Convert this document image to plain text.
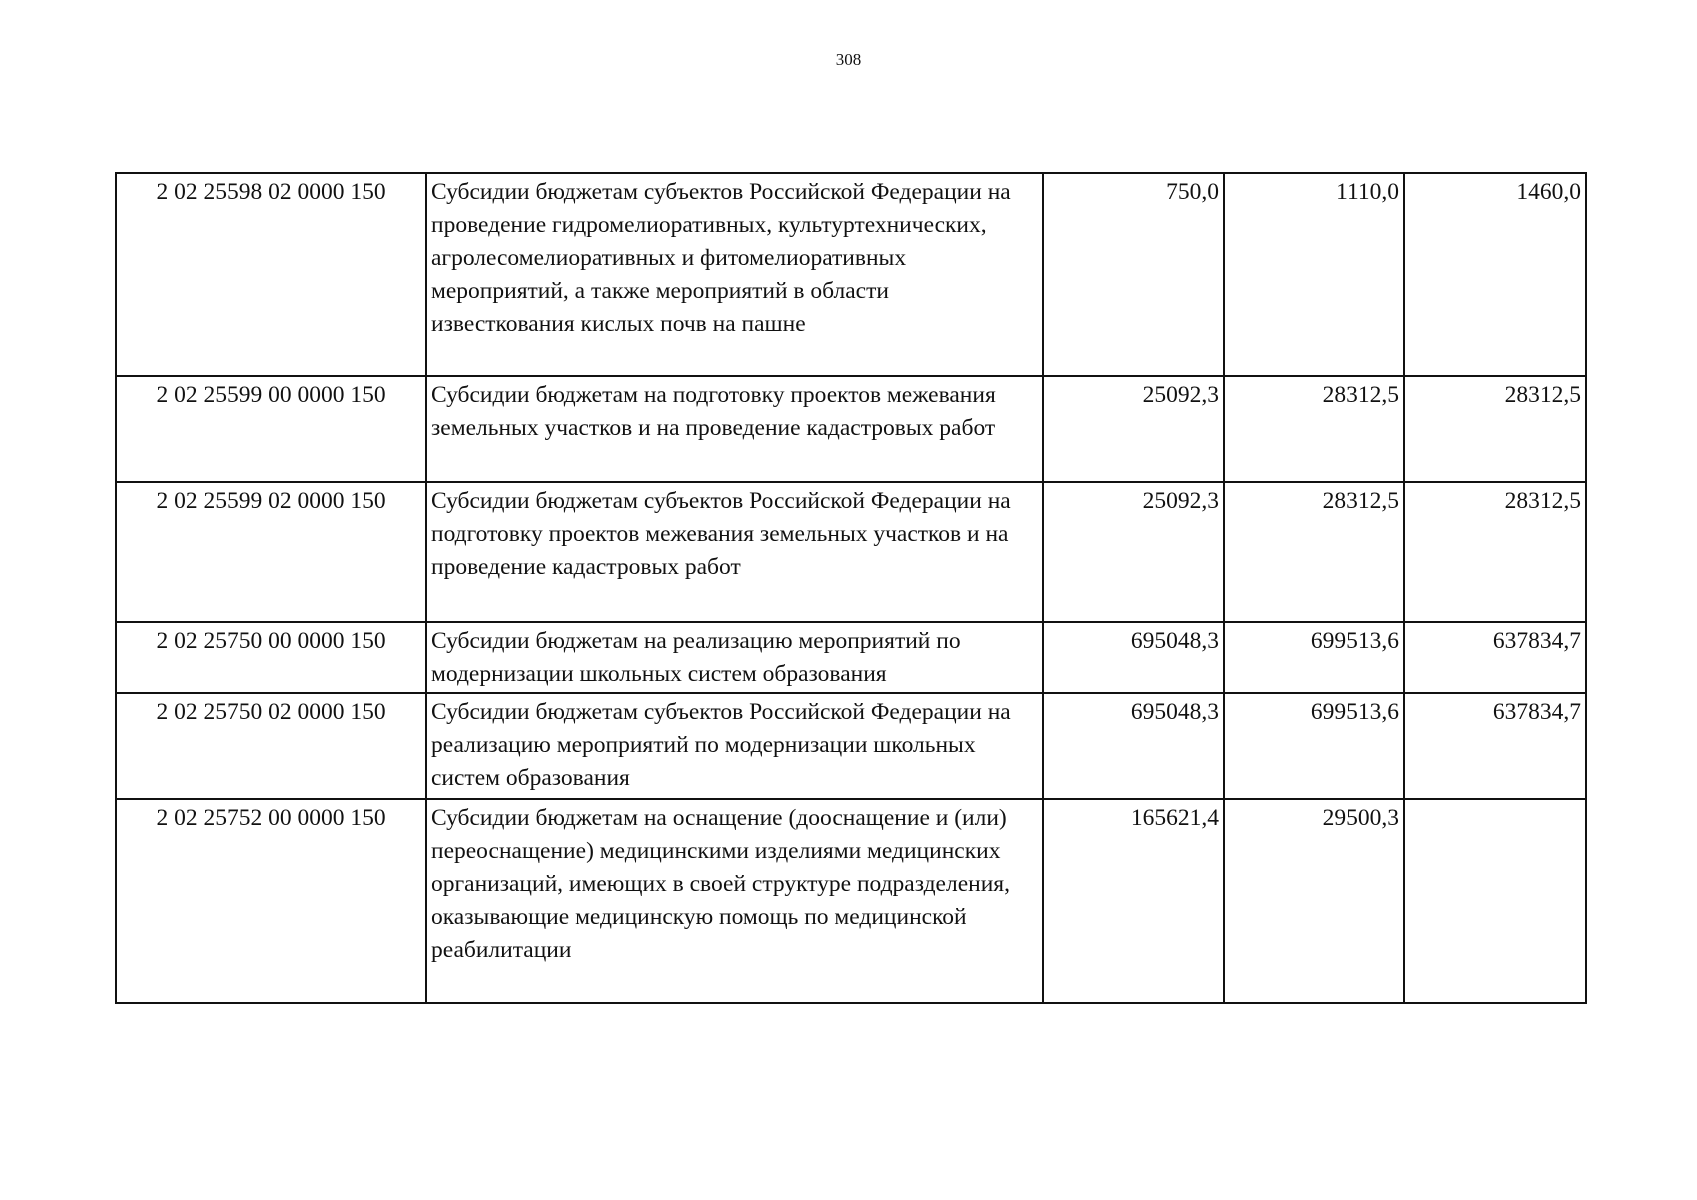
308
2 02 25598 02 0000 150	Субсидии бюджетам субъектов Российской Федерации на проведение гидромелиоративных, культуртехнических, агролесомелиоративных и фитомелиоративных мероприятий, а также мероприятий в области известкования кислых почв на пашне	750,0	1110,0	1460,0
2 02 25599 00 0000 150	Субсидии бюджетам на подготовку проектов межевания земельных участков и на проведение кадастровых работ	25092,3	28312,5	28312,5
2 02 25599 02 0000 150	Субсидии бюджетам субъектов Российской Федерации на подготовку проектов межевания земельных участков и на проведение кадастровых работ	25092,3	28312,5	28312,5
2 02 25750 00 0000 150	Субсидии бюджетам на реализацию мероприятий по модернизации школьных систем образования	695048,3	699513,6	637834,7
2 02 25750 02 0000 150	Субсидии бюджетам субъектов Российской Федерации на реализацию мероприятий по модернизации школьных систем образования	695048,3	699513,6	637834,7
2 02 25752 00 0000 150	Субсидии бюджетам на оснащение (дооснащение и (или) переоснащение) медицинскими изделиями медицинских организаций, имеющих в своей структуре подразделения, оказывающие медицинскую помощь по медицинской реабилитации	165621,4	29500,3	
